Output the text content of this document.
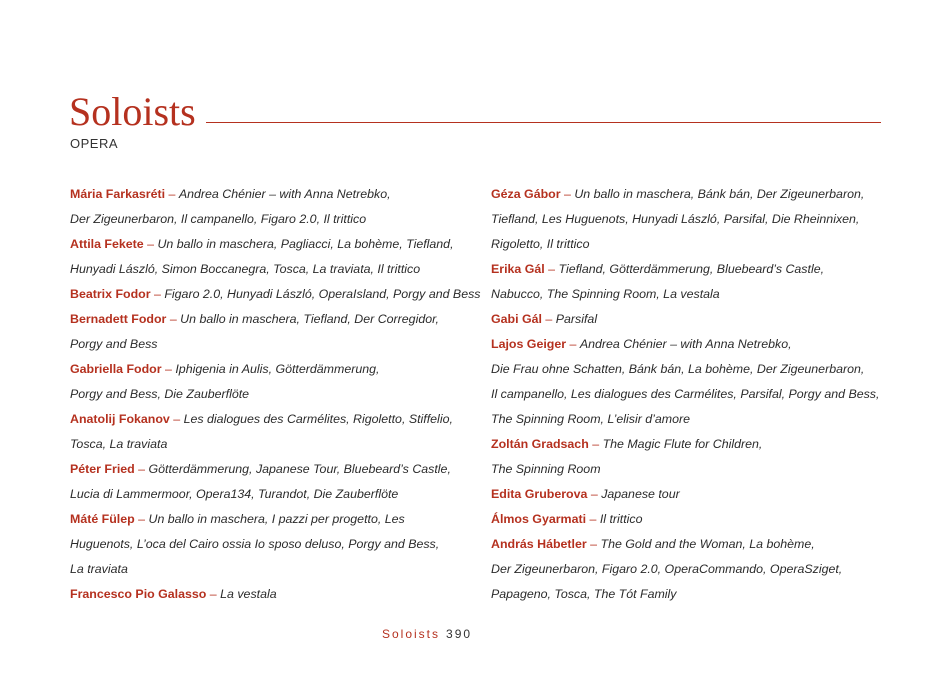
Soloists
OPERA
Mária Farkasréti – Andrea Chénier – with Anna Netrebko,
Der Zigeunerbaron, Il campanello, Figaro 2.0, Il trittico
Attila Fekete – Un ballo in maschera, Pagliacci, La bohème, Tiefland,
Hunyadi László, Simon Boccanegra, Tosca, La traviata, Il trittico
Beatrix Fodor – Figaro 2.0, Hunyadi László, OperaIsland, Porgy and Bess
Bernadett Fodor – Un ballo in maschera, Tiefland, Der Corregidor,
Porgy and Bess
Gabriella Fodor – Iphigenia in Aulis, Götterdämmerung,
Porgy and Bess, Die Zauberflöte
Anatolij Fokanov – Les dialogues des Carmélites, Rigoletto, Stiffelio,
Tosca, La traviata
Péter Fried – Götterdämmerung, Japanese Tour, Bluebeard’s Castle,
Lucia di Lammermoor, Opera134, Turandot, Die Zauberflöte
Máté Fülep – Un ballo in maschera, I pazzi per progetto, Les
Huguenots, L’oca del Cairo ossia Io sposo deluso, Porgy and Bess,
La traviata
Francesco Pio Galasso – La vestala
Géza Gábor – Un ballo in maschera, Bánk bán, Der Zigeunerbaron,
Tiefland, Les Huguenots, Hunyadi László, Parsifal, Die Rheinnixen,
Rigoletto, Il trittico
Erika Gál – Tiefland, Götterdämmerung, Bluebeard’s Castle,
Nabucco, The Spinning Room, La vestala
Gabi Gál – Parsifal
Lajos Geiger – Andrea Chénier – with Anna Netrebko,
Die Frau ohne Schatten, Bánk bán, La bohème, Der Zigeunerbaron,
Il campanello, Les dialogues des Carmélites, Parsifal, Porgy and Bess,
The Spinning Room, L’elisir d’amore
Zoltán Gradsach – The Magic Flute for Children,
The Spinning Room
Edita Gruberova – Japanese tour
Álmos Gyarmati – Il trittico
András Hábetler – The Gold and the Woman, La bohème,
Der Zigeunerbaron, Figaro 2.0, OperaCommando, OperaSziget,
Papageno, Tosca, The Tót Family
Soloists 390
